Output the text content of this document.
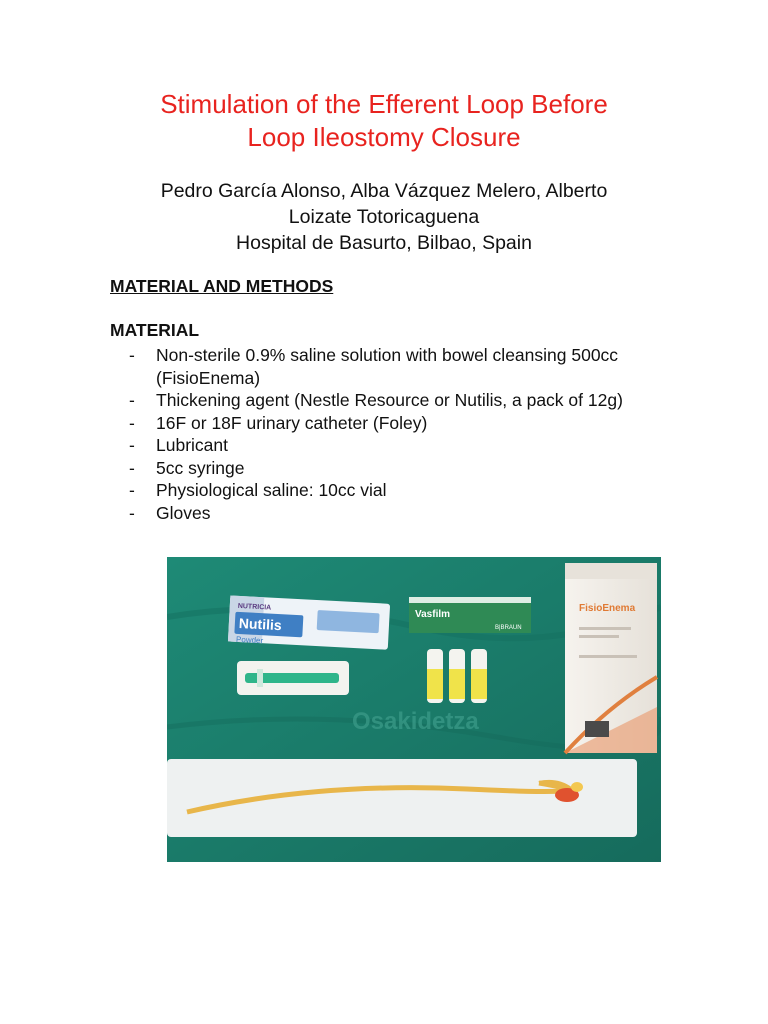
Stimulation of the Efferent Loop Before
Loop Ileostomy Closure
Pedro García Alonso, Alba Vázquez Melero, Alberto
Loizate Totoricaguena
Hospital de Basurto, Bilbao, Spain
MATERIAL AND METHODS
MATERIAL
- Non-sterile 0.9% saline solution with bowel cleansing 500cc (FisioEnema)
- Thickening agent (Nestle Resource or Nutilis, a pack of 12g)
- 16F or 18F urinary catheter (Foley)
- Lubricant
- 5cc syringe
- Physiological saline: 10cc vial
- Gloves
Osakidetza
NUTRICIA
Nutilis
Powder
Vasfilm
B|BRAUN
FisioEnema
